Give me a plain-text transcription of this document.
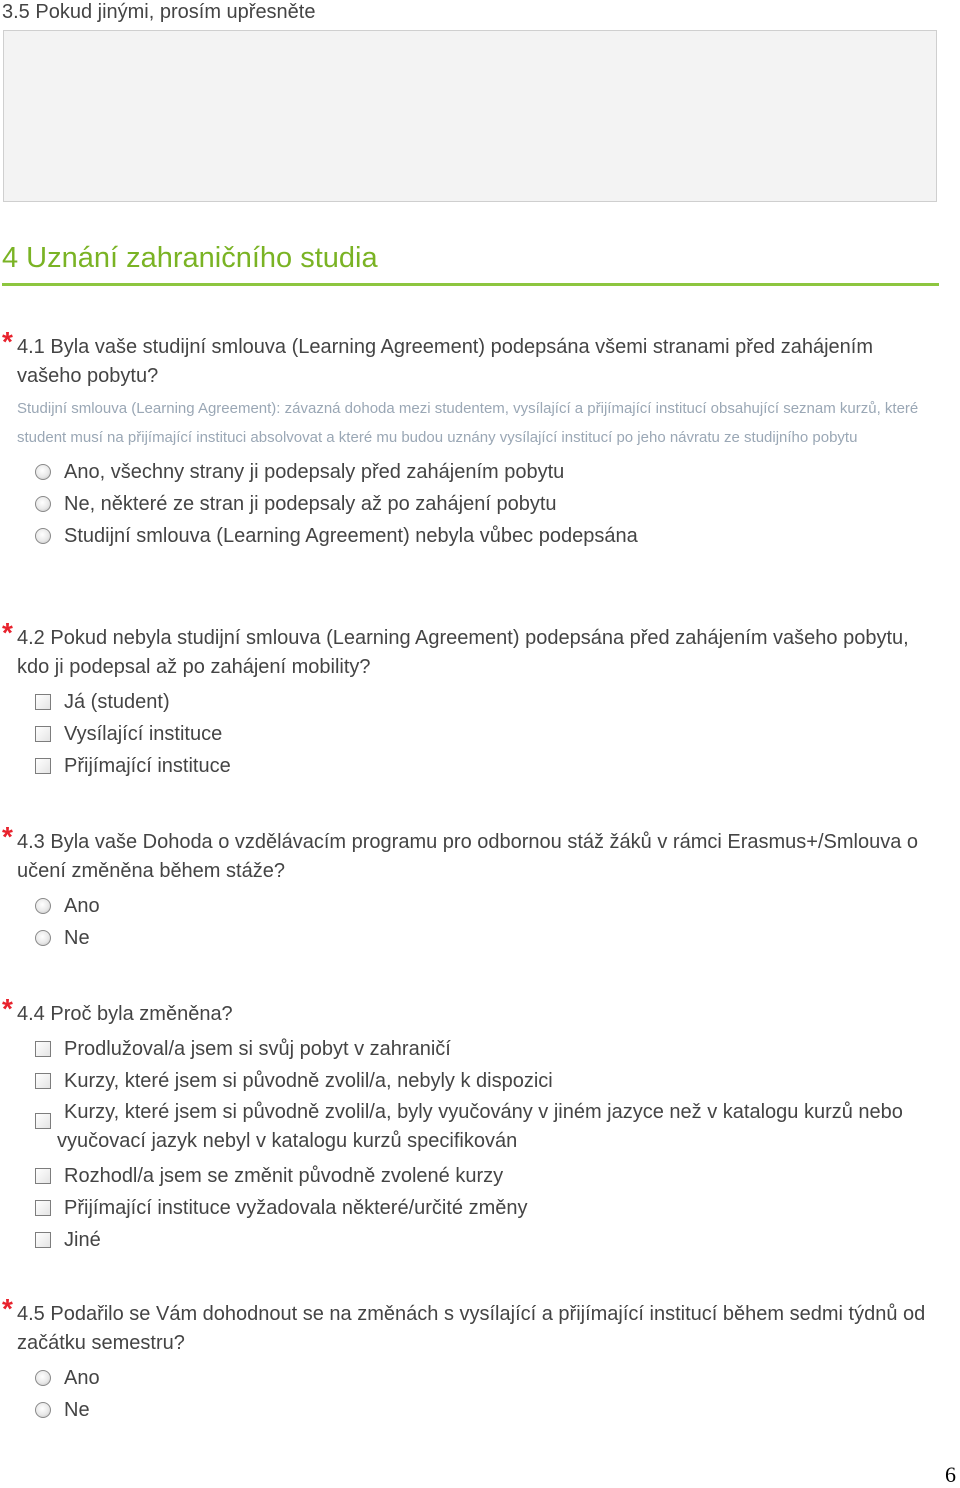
3.5 Pokud jinými, prosím upřesněte
4 Uznání zahraničního studia
* 4.1 Byla vaše studijní smlouva (Learning Agreement) podepsána všemi stranami před zahájením vašeho pobytu?
Studijní smlouva (Learning Agreement): závazná dohoda mezi studentem, vysílající a přijímající institucí obsahující seznam kurzů, které student musí na přijímající instituci absolvovat a které mu budou uznány vysílající institucí po jeho návratu ze studijního pobytu
Ano, všechny strany ji podepsaly před zahájením pobytu
Ne, některé ze stran ji podepsaly až po zahájení pobytu
Studijní smlouva (Learning Agreement) nebyla vůbec podepsána
* 4.2 Pokud nebyla studijní smlouva (Learning Agreement) podepsána před zahájením vašeho pobytu, kdo ji podepsal až po zahájení mobility?
Já (student)
Vysílající instituce
Přijímající instituce
* 4.3 Byla vaše Dohoda o vzdělávacím programu pro odbornou stáž žáků v rámci Erasmus+/Smlouva o učení změněna během stáže?
Ano
Ne
* 4.4 Proč byla změněna?
Prodlužoval/a jsem si svůj pobyt v zahraničí
Kurzy, které jsem si původně zvolil/a, nebyly k dispozici
Kurzy, které jsem si původně zvolil/a, byly vyučovány v jiném jazyce než v katalogu kurzů nebo vyučovací jazyk nebyl v katalogu kurzů specifikován
Rozhodl/a jsem se změnit původně zvolené kurzy
Přijímající instituce vyžadovala některé/určité změny
Jiné
* 4.5 Podařilo se Vám dohodnout se na změnách s vysílající a přijímající institucí během sedmi týdnů od začátku semestru?
Ano
Ne
6
